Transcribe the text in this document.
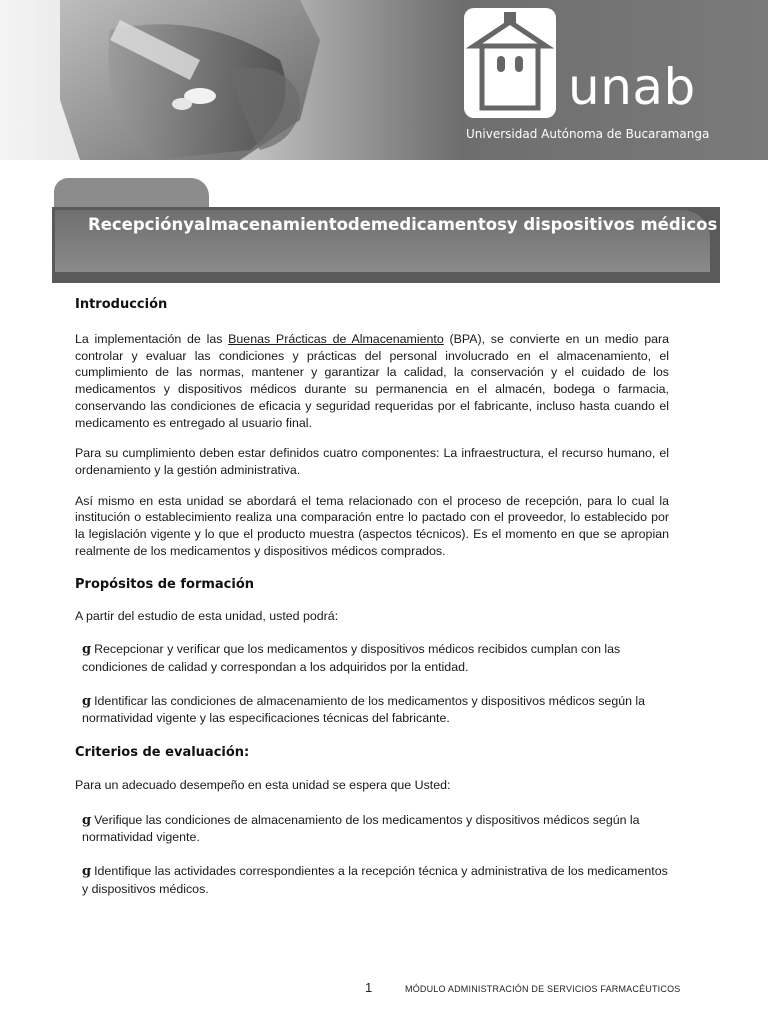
unab
Universidad Autónoma de Bucaramanga
Recepciónyalmacenamientodemedicamentosy dispositivos médicos
Introducción

La implementación de las Buenas Prácticas de Almacenamiento (BPA), se convierte en un medio para controlar y evaluar las condiciones y prácticas del personal involucrado en el almacenamiento, el cumplimiento de las normas, mantener y garantizar la calidad, la conservación y el cuidado de los medicamentos y dispositivos médicos durante su permanencia en el almacén, bodega o farmacia, conservando las condiciones de eficacia y seguridad requeridas por el fabricante, incluso hasta cuando el medicamento es entregado al usuario final.

Para su cumplimiento deben estar definidos cuatro componentes: La infraestructura, el recurso humano, el ordenamiento y la gestión administrativa.

Así mismo en esta unidad se abordará el tema relacionado con el proceso de recepción, para lo cual la institución o establecimiento realiza una comparación entre lo pactado con el proveedor, lo establecido por la legislación vigente y lo que el producto muestra (aspectos técnicos). Es el momento en que se apropian realmente de los medicamentos y dispositivos médicos comprados.

Propósitos de formación

A partir del estudio de esta unidad, usted podrá:

g Recepcionar y verificar que los medicamentos y dispositivos médicos recibidos cumplan con las condiciones de calidad y correspondan a los adquiridos por la entidad.
g Identificar las condiciones de almacenamiento de los medicamentos y dispositivos médicos según la normatividad vigente y las especificaciones técnicas del fabricante.
Criterios de evaluación:

Para un adecuado desempeño en esta unidad se espera que Usted:

g Verifique las condiciones de almacenamiento de los medicamentos y dispositivos médicos según la normatividad vigente.
g Identifique las actividades correspondientes a la recepción técnica y administrativa de los medicamentos y dispositivos médicos.
1	MÓDULO ADMINISTRACIÓN DE SERVICIOS FARMACÉUTICOS
